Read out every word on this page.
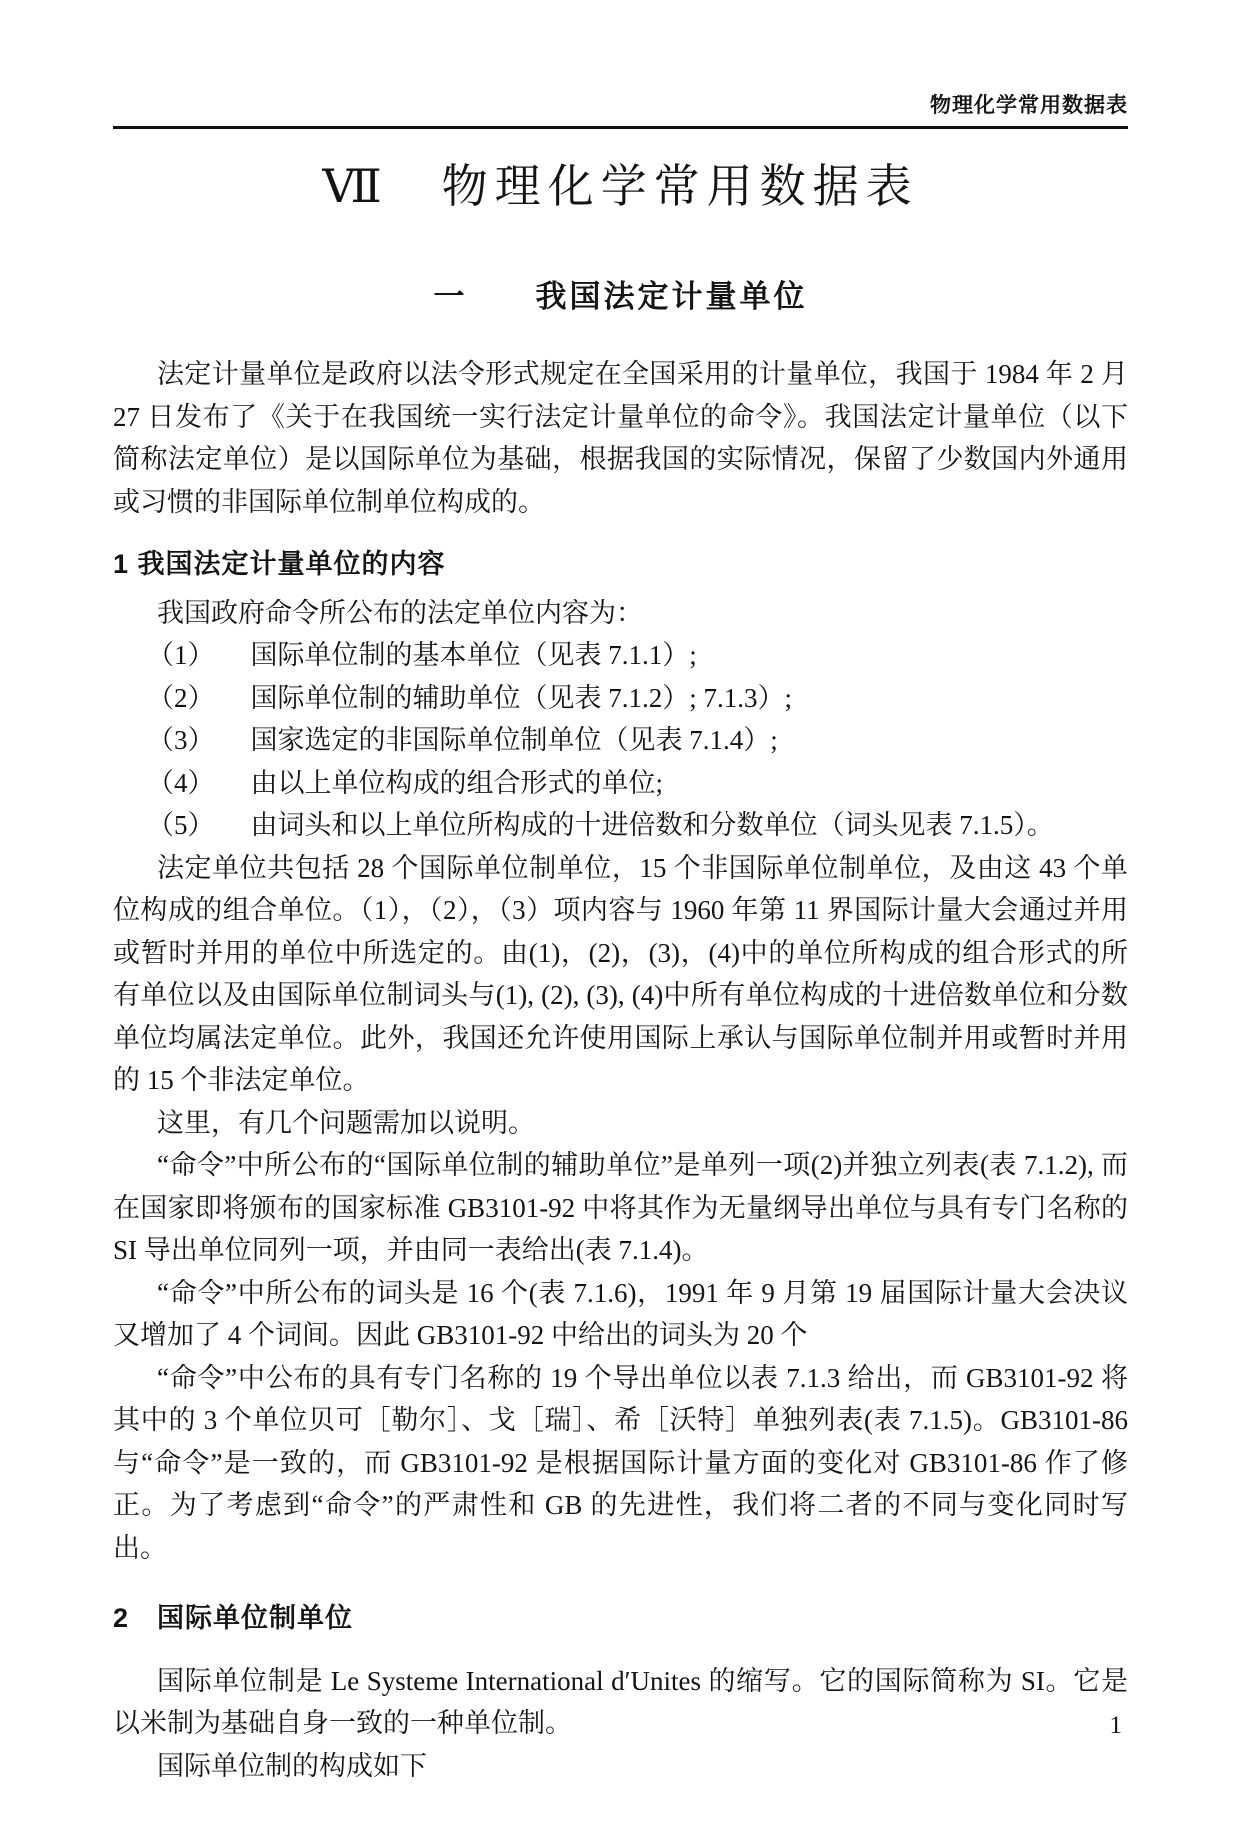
物理化学常用数据表
Ⅶ　物理化学常用数据表
一　　我国法定计量单位

法定计量单位是政府以法令形式规定在全国采用的计量单位，我国于 1984 年 2 月 27 日发布了《关于在我国统一实行法定计量单位的命令》。我国法定计量单位（以下简称法定单位）是以国际单位为基础，根据我国的实际情况，保留了少数国内外通用或习惯的非国际单位制单位构成的。

1 我国法定计量单位的内容

我国政府命令所公布的法定单位内容为：

（1） 国际单位制的基本单位（见表 7.1.1）;
（2） 国际单位制的辅助单位（见表 7.1.2）; 7.1.3）;
（3） 国家选定的非国际单位制单位（见表 7.1.4）;
（4） 由以上单位构成的组合形式的单位;
（5） 由词头和以上单位所构成的十进倍数和分数单位（词头见表 7.1.5）。

法定单位共包括 28 个国际单位制单位，15 个非国际单位制单位，及由这 43 个单位构成的组合单位。（1），（2），（3）项内容与 1960 年第 11 界国际计量大会通过并用或暂时并用的单位中所选定的。由(1)，(2)，(3)，(4)中的单位所构成的组合形式的所有单位以及由国际单位制词头与(1), (2), (3), (4)中所有单位构成的十进倍数单位和分数单位均属法定单位。此外，我国还允许使用国际上承认与国际单位制并用或暂时并用的 15 个非法定单位。

这里，有几个问题需加以说明。

“命令”中所公布的“国际单位制的辅助单位”是单列一项(2)并独立列表(表 7.1.2), 而在国家即将颁布的国家标准 GB3101-92 中将其作为无量纲导出单位与具有专门名称的 SI 导出单位同列一项，并由同一表给出(表 7.1.4)。

“命令”中所公布的词头是 16 个(表 7.1.6)，1991 年 9 月第 19 届国际计量大会决议又增加了 4 个词间。因此 GB3101-92 中给出的词头为 20 个

“命令”中公布的具有专门名称的 19 个导出单位以表 7.1.3 给出，而 GB3101-92 将其中的 3 个单位贝可［勒尔］、戈［瑞］、希［沃特］单独列表(表 7.1.5)。GB3101-86 与“命令”是一致的，而 GB3101-92 是根据国际计量方面的变化对 GB3101-86 作了修正。为了考虑到“命令”的严肃性和 GB 的先进性，我们将二者的不同与变化同时写出。

2　国际单位制单位

国际单位制是 Le Systeme International d′Unites 的缩写。它的国际简称为 SI。它是以米制为基础自身一致的一种单位制。

国际单位制的构成如下

1
